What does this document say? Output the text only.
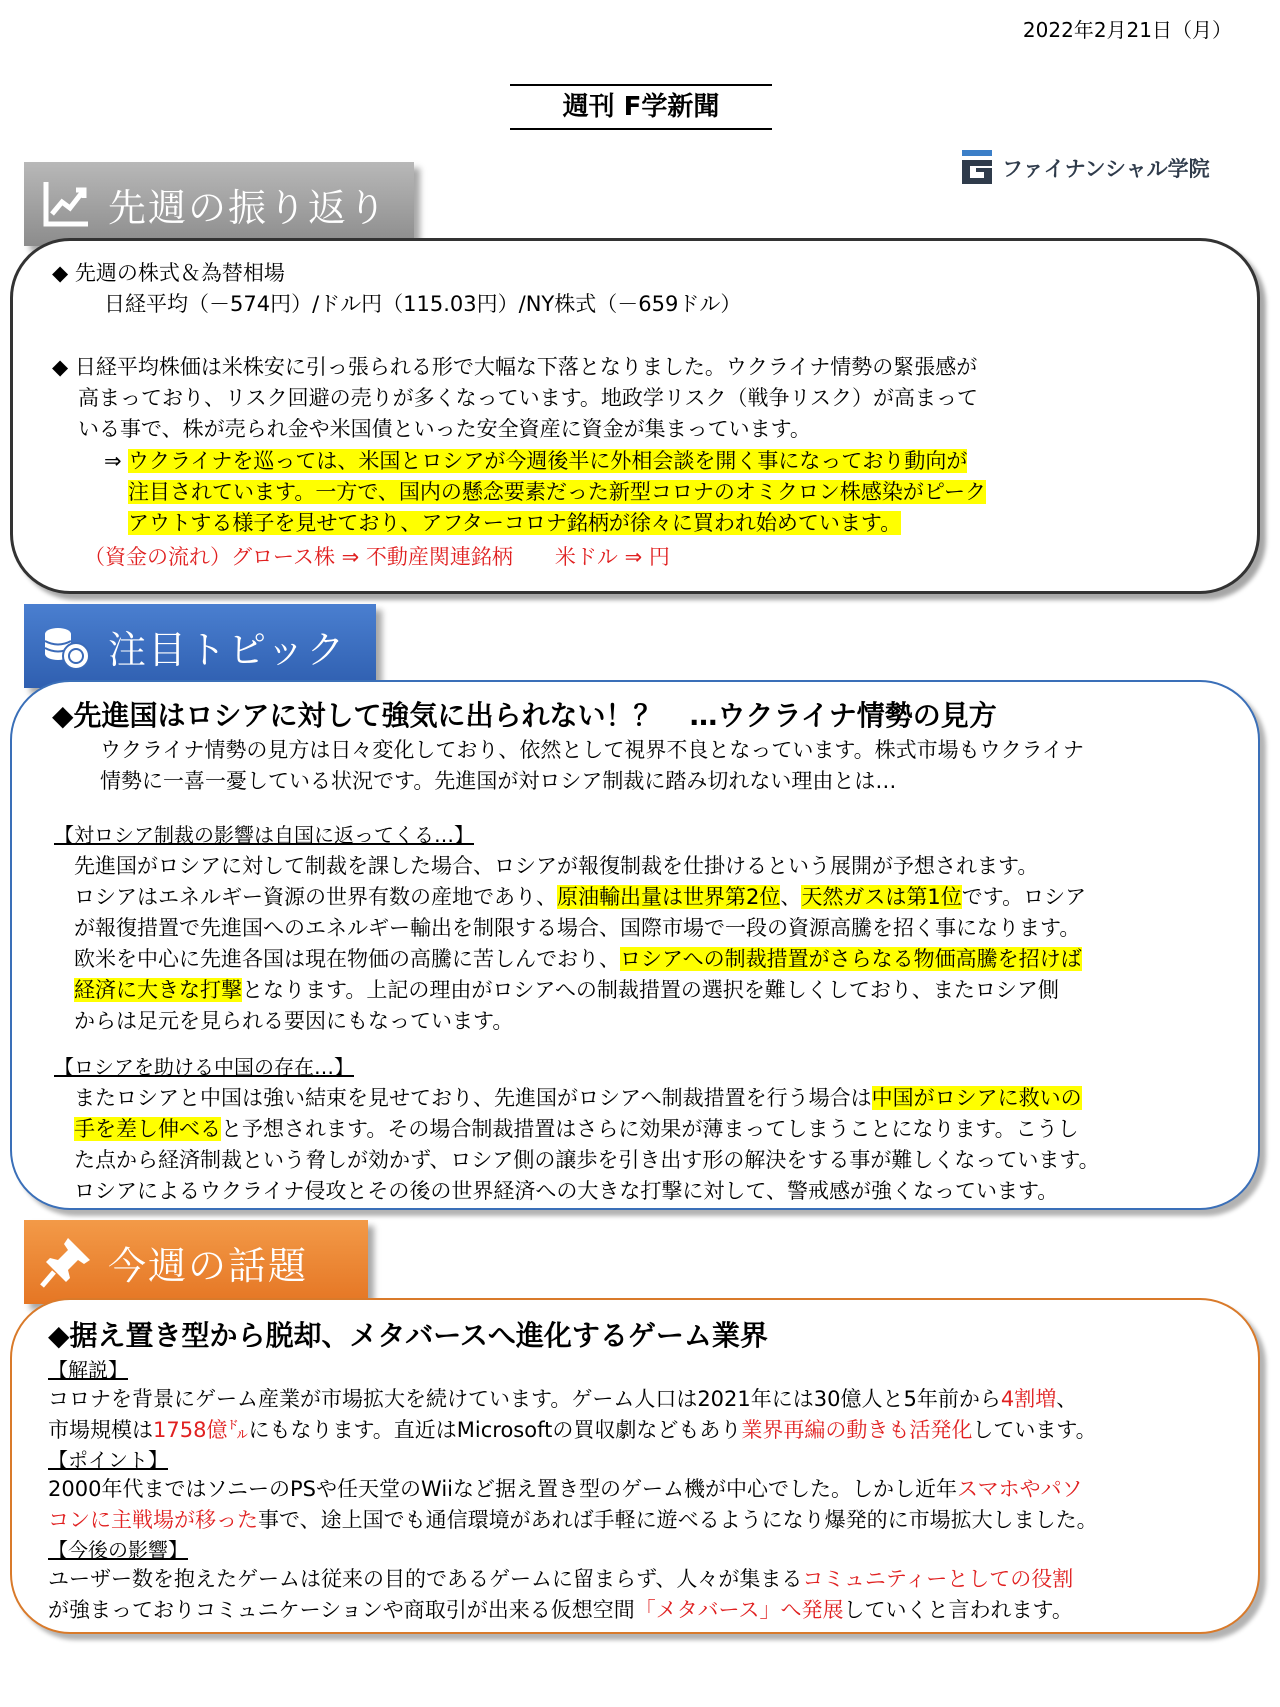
2022年2月21日（月）
週刊 F学新聞
ファイナンシャル学院
先週の振り返り
◆ 先週の株式＆為替相場
日経平均（－574円）/ドル円（115.03円）/NY株式（－659ドル）
◆ 日経平均株価は米株安に引っ張られる形で大幅な下落となりました。ウクライナ情勢の緊張感が
高まっており、リスク回避の売りが多くなっています。地政学リスク（戦争リスク）が高まって
いる事で、株が売られ金や米国債といった安全資産に資金が集まっています。
⇒ ウクライナを巡っては、米国とロシアが今週後半に外相会談を開く事になっており動向が
注目されています。一方で、国内の懸念要素だった新型コロナのオミクロン株感染がピーク
アウトする様子を見せており、アフターコロナ銘柄が徐々に買われ始めています。
（資金の流れ）グロース株 ⇒ 不動産関連銘柄　　米ドル ⇒ 円
注目トピック
◆先進国はロシアに対して強気に出られない！？　…ウクライナ情勢の見方
ウクライナ情勢の見方は日々変化しており、依然として視界不良となっています。株式市場もウクライナ
情勢に一喜一憂している状況です。先進国が対ロシア制裁に踏み切れない理由とは…
【対ロシア制裁の影響は自国に返ってくる…】
先進国がロシアに対して制裁を課した場合、ロシアが報復制裁を仕掛けるという展開が予想されます。
ロシアはエネルギー資源の世界有数の産地であり、原油輸出量は世界第2位、天然ガスは第1位です。ロシア
が報復措置で先進国へのエネルギー輸出を制限する場合、国際市場で一段の資源高騰を招く事になります。
欧米を中心に先進各国は現在物価の高騰に苦しんでおり、ロシアへの制裁措置がさらなる物価高騰を招けば
経済に大きな打撃となります。上記の理由がロシアへの制裁措置の選択を難しくしており、またロシア側
からは足元を見られる要因にもなっています。
【ロシアを助ける中国の存在…】
またロシアと中国は強い結束を見せており、先進国がロシアへ制裁措置を行う場合は中国がロシアに救いの
手を差し伸べると予想されます。その場合制裁措置はさらに効果が薄まってしまうことになります。こうし
た点から経済制裁という脅しが効かず、ロシア側の譲歩を引き出す形の解決をする事が難しくなっています。
ロシアによるウクライナ侵攻とその後の世界経済への大きな打撃に対して、警戒感が強くなっています。
今週の話題
◆据え置き型から脱却、メタバースへ進化するゲーム業界
【解説】
コロナを背景にゲーム産業が市場拡大を続けています。ゲーム人口は2021年には30億人と5年前から4割増、
市場規模は1758億㌦にもなります。直近はMicrosoftの買収劇などもあり業界再編の動きも活発化しています。
【ポイント】
2000年代まではソニーのPSや任天堂のWiiなど据え置き型のゲーム機が中心でした。しかし近年スマホやパソ
コンに主戦場が移った事で、途上国でも通信環境があれば手軽に遊べるようになり爆発的に市場拡大しました。
【今後の影響】
ユーザー数を抱えたゲームは従来の目的であるゲームに留まらず、人々が集まるコミュニティーとしての役割
が強まっておりコミュニケーションや商取引が出来る仮想空間「メタバース」へ発展していくと言われます。
